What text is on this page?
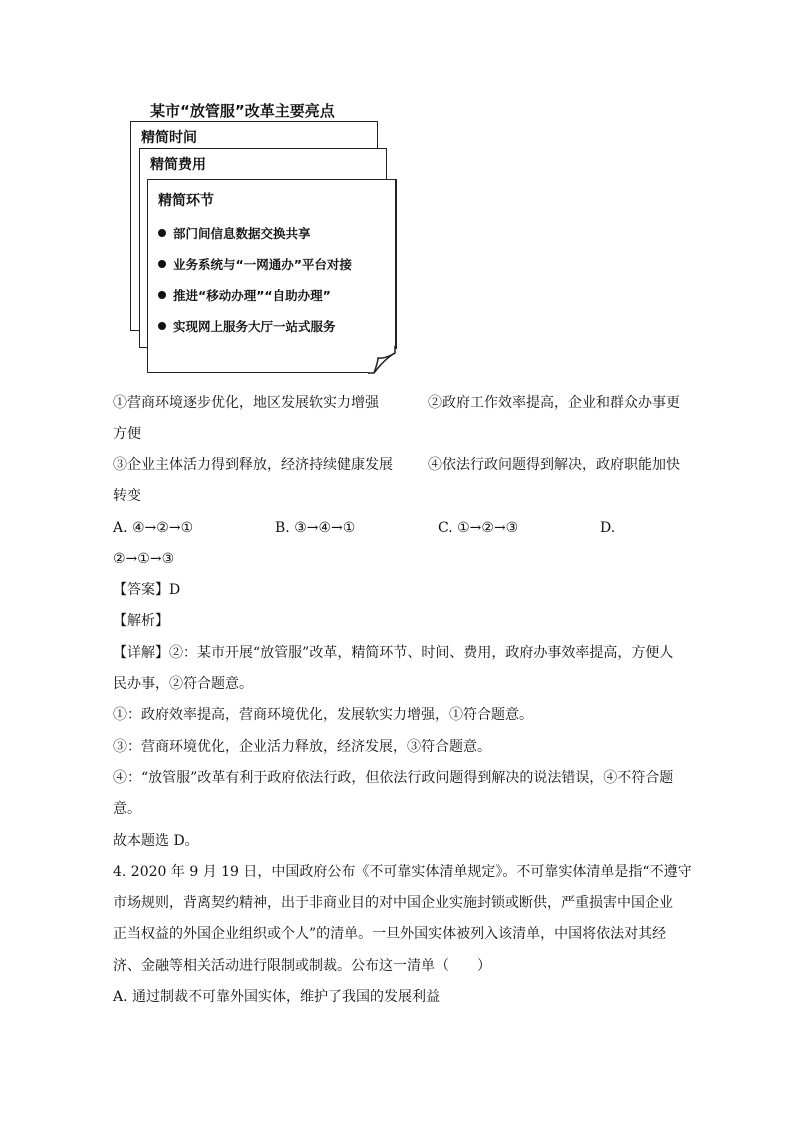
某市“放管服”改革主要亮点
精简时间
精简费用
精简环节
部门间信息数据交换共享
业务系统与“一网通办”平台对接
推进“移动办理”“自助办理”
实现网上服务大厅一站式服务
①营商环境逐步优化，地区发展软实力增强	②政府工作效率提高，企业和群众办事更
方便
③企业主体活力得到释放，经济持续健康发展	④依法行政问题得到解决，政府职能加快
转变
A. ④→②→①	B. ③→④→①	C. ①→②→③	D.
②→①→③
【答案】D
【解析】
【详解】②：某市开展“放管服”改革，精简环节、时间、费用，政府办事效率提高，方便人
民办事，②符合题意。
①：政府效率提高，营商环境优化，发展软实力增强，①符合题意。
③：营商环境优化，企业活力释放，经济发展，③符合题意。
④：“放管服”改革有利于政府依法行政，但依法行政问题得到解决的说法错误，④不符合题
意。
故本题选 D。
4. 2020 年 9 月 19 日，中国政府公布《不可靠实体清单规定》。不可靠实体清单是指“不遵守
市场规则，背离契约精神，出于非商业目的对中国企业实施封锁或断供，严重损害中国企业
正当权益的外国企业组织或个人”的清单。一旦外国实体被列入该清单，中国将依法对其经
济、金融等相关活动进行限制或制裁。公布这一清单（　　）
A. 通过制裁不可靠外国实体，维护了我国的发展利益
